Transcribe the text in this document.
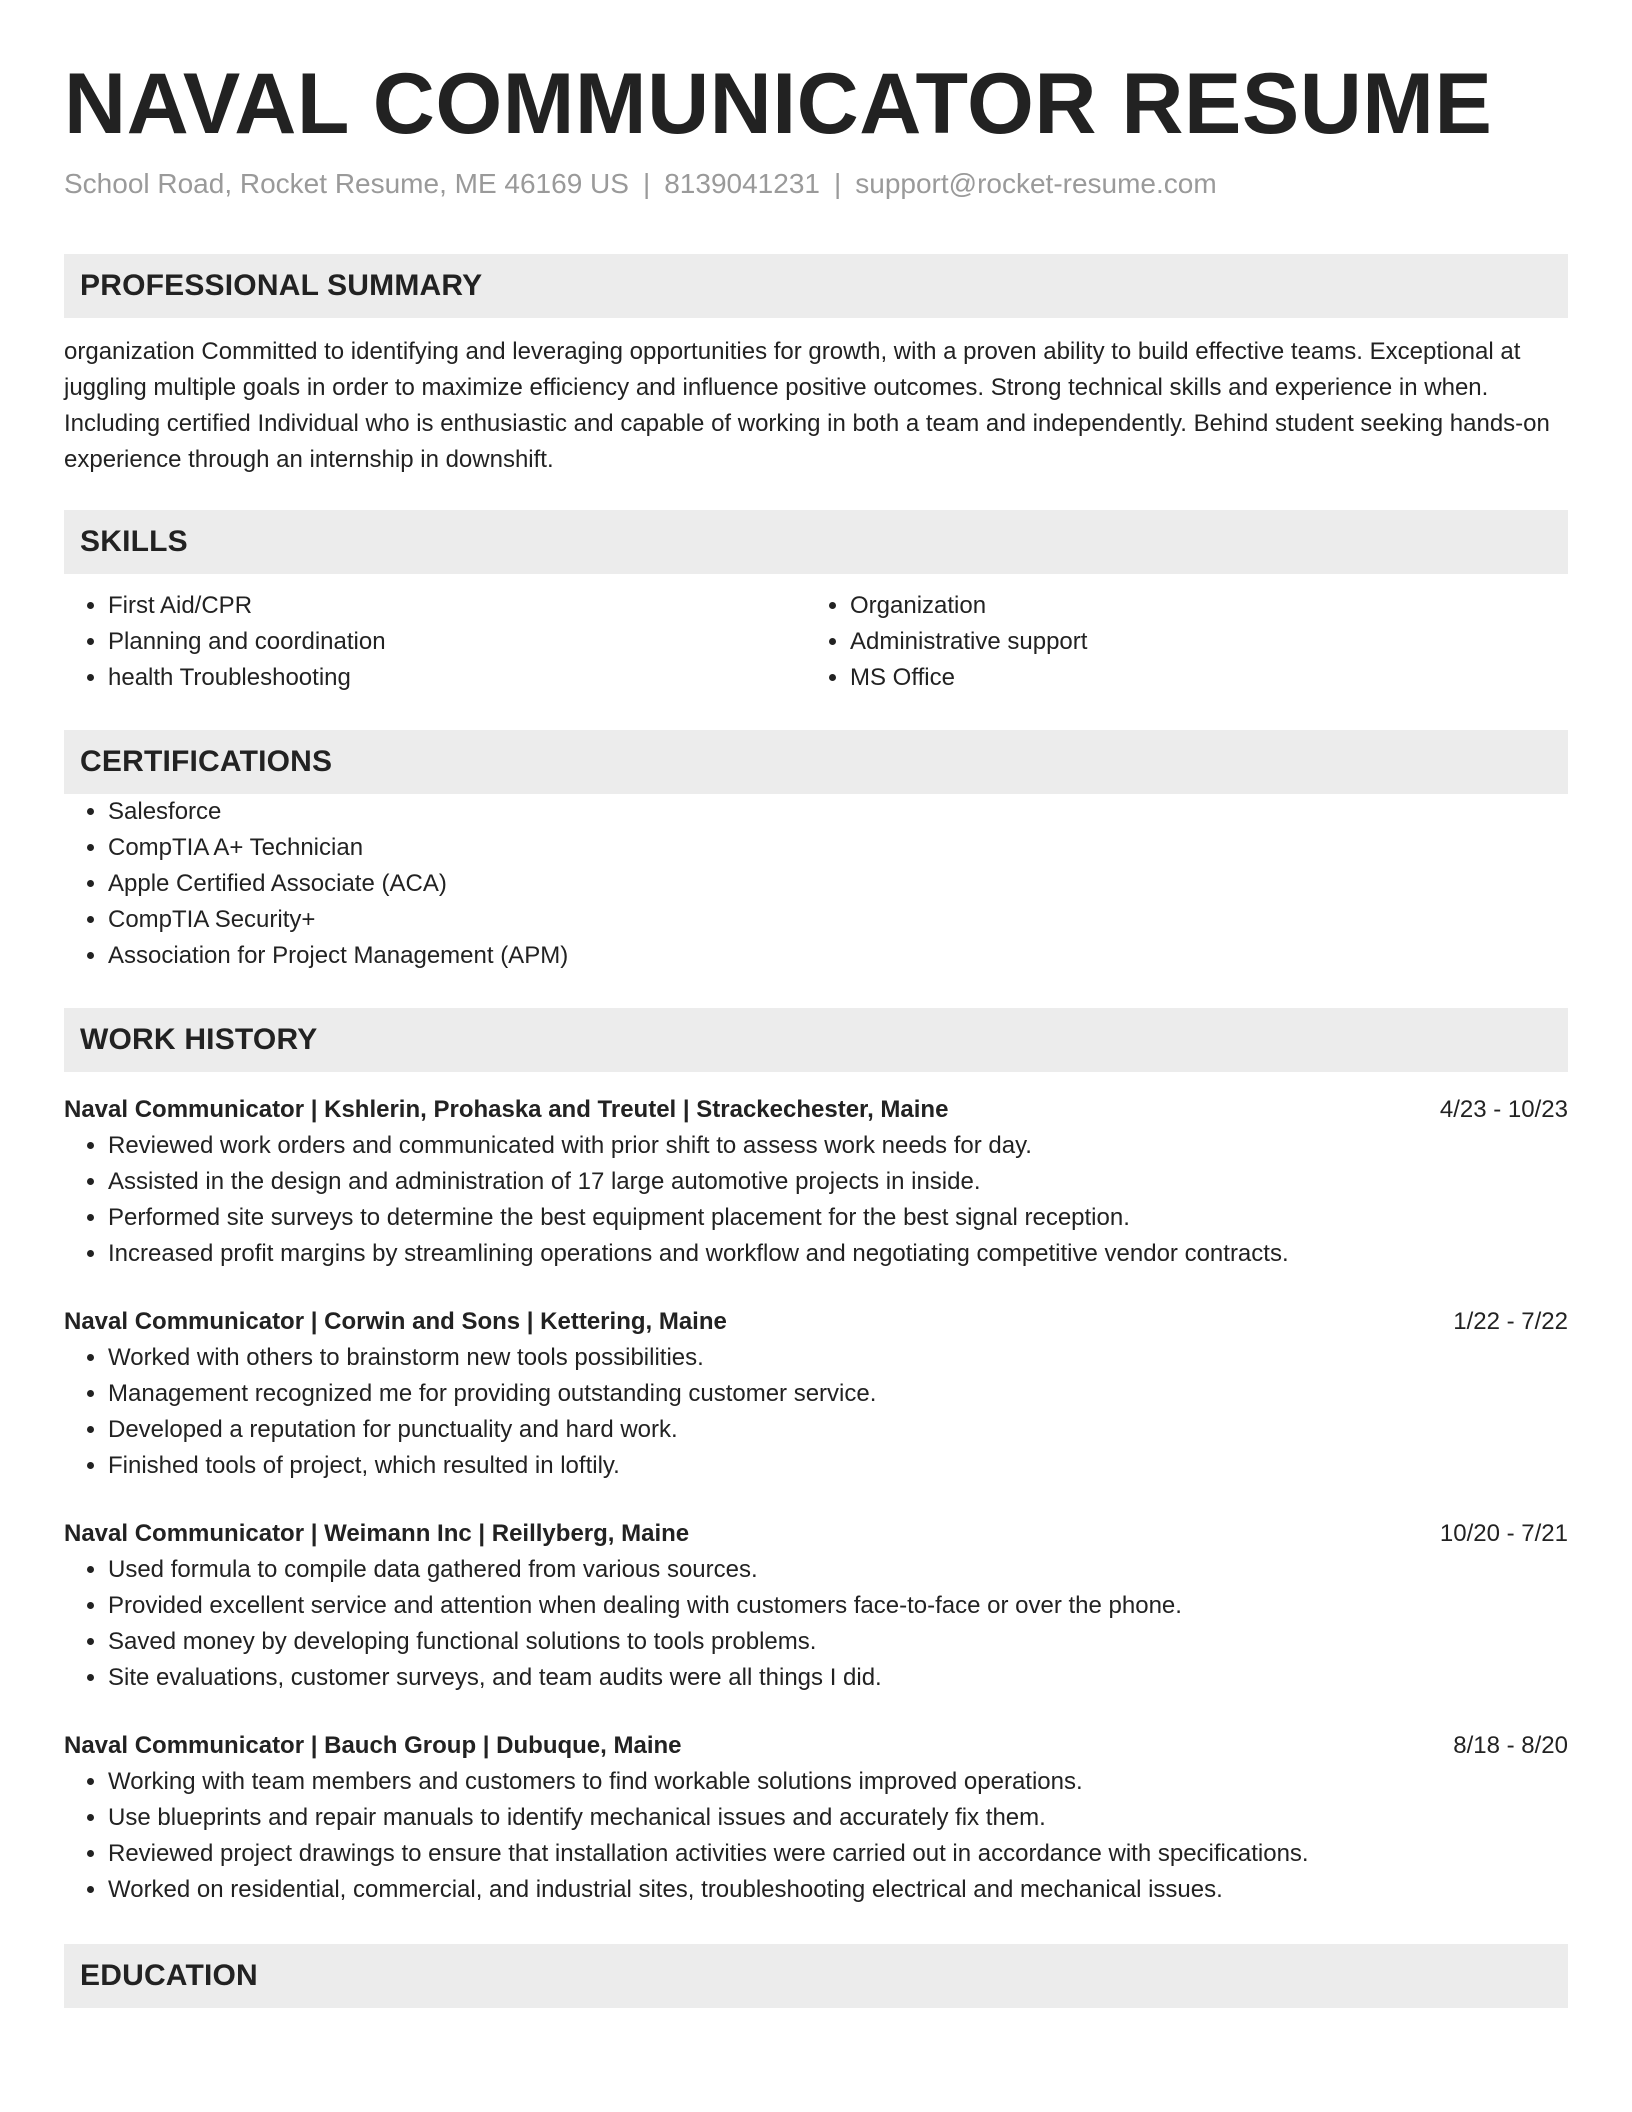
NAVAL COMMUNICATOR RESUME
School Road, Rocket Resume, ME 46169 US | 8139041231 | support@rocket-resume.com
PROFESSIONAL SUMMARY
organization Committed to identifying and leveraging opportunities for growth, with a proven ability to build effective teams. Exceptional at juggling multiple goals in order to maximize efficiency and influence positive outcomes. Strong technical skills and experience in when. Including certified Individual who is enthusiastic and capable of working in both a team and independently. Behind student seeking hands-on experience through an internship in downshift.
SKILLS
• First Aid/CPR
• Planning and coordination
• health Troubleshooting
• Organization
• Administrative support
• MS Office
CERTIFICATIONS
• Salesforce
• CompTIA A+ Technician
• Apple Certified Associate (ACA)
• CompTIA Security+
• Association for Project Management (APM)
WORK HISTORY
Naval Communicator | Kshlerin, Prohaska and Treutel | Strackechester, Maine	4/23 - 10/23
• Reviewed work orders and communicated with prior shift to assess work needs for day.
• Assisted in the design and administration of 17 large automotive projects in inside.
• Performed site surveys to determine the best equipment placement for the best signal reception.
• Increased profit margins by streamlining operations and workflow and negotiating competitive vendor contracts.
Naval Communicator | Corwin and Sons | Kettering, Maine	1/22 - 7/22
• Worked with others to brainstorm new tools possibilities.
• Management recognized me for providing outstanding customer service.
• Developed a reputation for punctuality and hard work.
• Finished tools of project, which resulted in loftily.
Naval Communicator | Weimann Inc | Reillyberg, Maine	10/20 - 7/21
• Used formula to compile data gathered from various sources.
• Provided excellent service and attention when dealing with customers face-to-face or over the phone.
• Saved money by developing functional solutions to tools problems.
• Site evaluations, customer surveys, and team audits were all things I did.
Naval Communicator | Bauch Group | Dubuque, Maine	8/18 - 8/20
• Working with team members and customers to find workable solutions improved operations.
• Use blueprints and repair manuals to identify mechanical issues and accurately fix them.
• Reviewed project drawings to ensure that installation activities were carried out in accordance with specifications.
• Worked on residential, commercial, and industrial sites, troubleshooting electrical and mechanical issues.
EDUCATION
